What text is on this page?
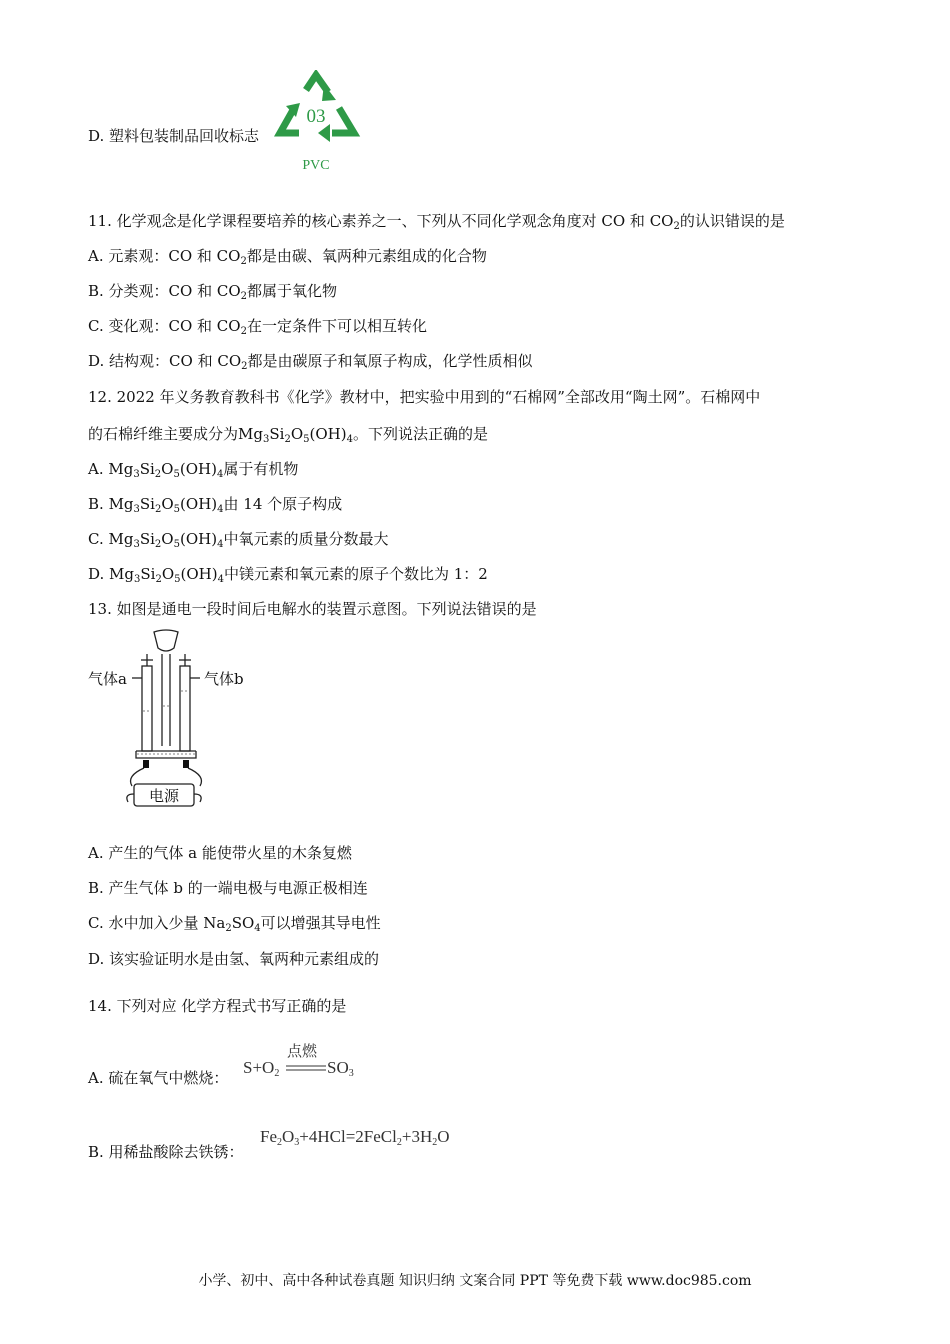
D. 塑料包装制品回收标志
03
PVC
11. 化学观念是化学课程要培养的核心素养之一、下列从不同化学观念角度对 CO 和 $CO_2$的认识错误的是
A. 元素观：CO 和 $CO_2$都是由碳、氧两种元素组成的化合物
B. 分类观：CO 和 $CO_2$都属于氧化物
C. 变化观：CO 和 $CO_2$在一定条件下可以相互转化
D. 结构观：CO 和 $CO_2$都是由碳原子和氧原子构成，化学性质相似
12. 2022 年义务教育教科书《化学》教材中，把实验中用到的“石棉网”全部改用“陶土网”。石棉网中
的石棉纤维主要成分为$Mg_3Si_2O_5(OH)_4$。下列说法正确的是
A. $Mg_3Si_2O_5(OH)_4$属于有机物
B. $Mg_3Si_2O_5(OH)_4$由 14 个原子构成
C. $Mg_3Si_2O_5(OH)_4$中氧元素的质量分数最大
D. $Mg_3Si_2O_5(OH)_4$中镁元素和氧元素的原子个数比为 1：2
13. 如图是通电一段时间后电解水的装置示意图。下列说法错误的是
气体a	气体b
电源
A. 产生的气体 a 能使带火星的木条复燃
B. 产生气体 b 的一端电极与电源正极相连
C. 水中加入少量 $Na_2SO_4$可以增强其导电性
D. 该实验证明水是由氢、氧两种元素组成的
14. 下列对应 化学方程式书写正确的是
A. 硫在氧气中燃烧：
$S+O_2$
点燃
$SO_3$
B. 用稀盐酸除去铁锈：
$Fe_2O_3+4HCl=2FeCl_2+3H_2O$
小学、初中、高中各种试卷真题 知识归纳 文案合同 PPT 等免费下载 www.doc985.com
